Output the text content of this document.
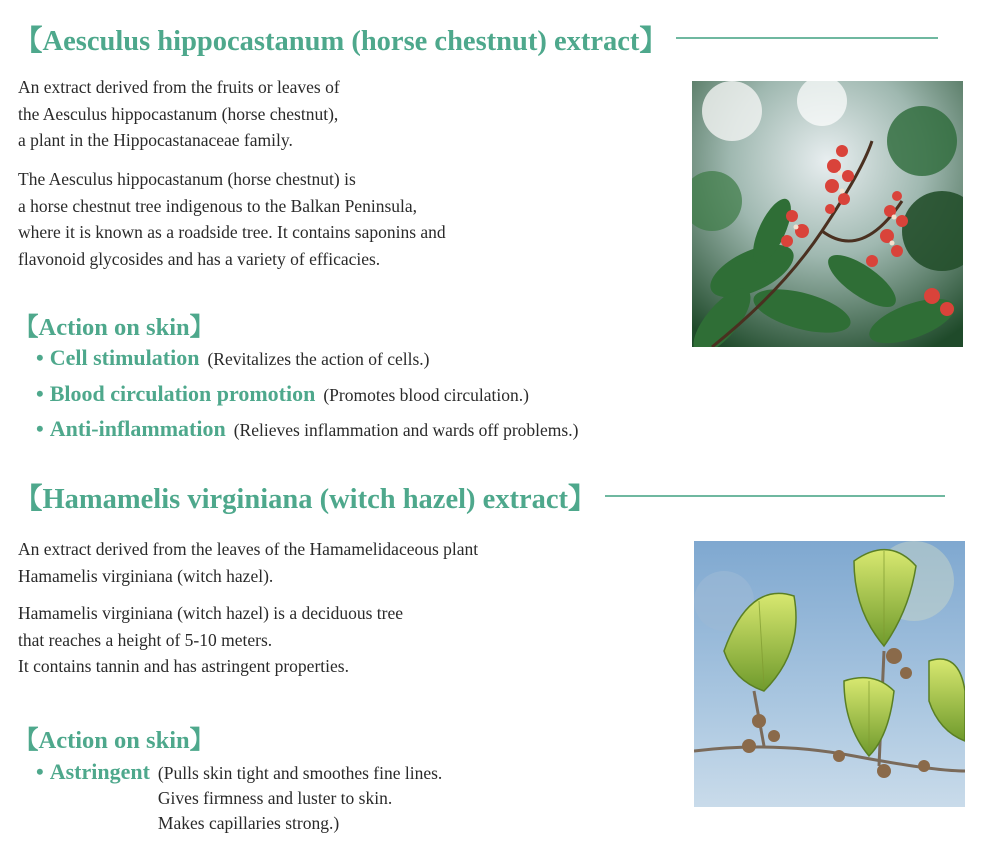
【Aesculus hippocastanum (horse chestnut) extract】
An extract derived from the fruits or leaves of
the Aesculus hippocastanum (horse chestnut),
a plant in the Hippocastanaceae family.
The Aesculus hippocastanum (horse chestnut) is
a horse chestnut tree indigenous to the Balkan Peninsula,
where it is known as a roadside tree. It contains saponins and
flavonoid glycosides and has a variety of efficacies.
【Action on skin】
• Cell stimulation (Revitalizes the action of cells.)
• Blood circulation promotion (Promotes blood circulation.)
• Anti-inflammation (Relieves inflammation and wards off problems.)
【Hamamelis virginiana (witch hazel) extract】
An extract derived from the leaves of the Hamamelidaceous plant
Hamamelis virginiana (witch hazel).
Hamamelis virginiana (witch hazel) is a deciduous tree
that reaches a height of 5-10 meters.
It contains tannin and has astringent properties.
【Action on skin】
• Astringent (Pulls skin tight and smoothes fine lines.
Gives firmness and luster to skin.
Makes capillaries strong.)
